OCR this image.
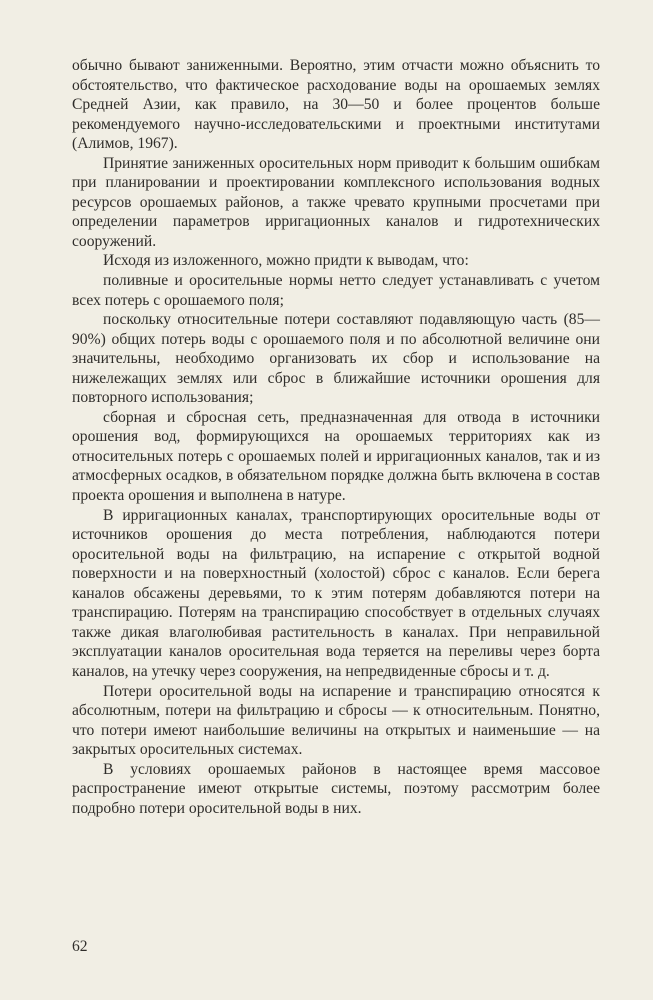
обычно бывают заниженными. Вероятно, этим отчасти можно объяснить то обстоятельство, что фактическое расходование воды на орошаемых землях Средней Азии, как правило, на 30—50 и более процентов больше рекомендуемого научно-исследовательскими и проектными институтами (Алимов, 1967).

Принятие заниженных оросительных норм приводит к большим ошибкам при планировании и проектировании комплексного использования водных ресурсов орошаемых районов, а также чревато крупными просчетами при определении параметров ирригационных каналов и гидротехнических сооружений.

Исходя из изложенного, можно придти к выводам, что:

поливные и оросительные нормы нетто следует устанавливать с учетом всех потерь с орошаемого поля;

поскольку относительные потери составляют подавляющую часть (85—90%) общих потерь воды с орошаемого поля и по абсолютной величине они значительны, необходимо организовать их сбор и использование на нижележащих землях или сброс в ближайшие источники орошения для повторного использования;

сборная и сбросная сеть, предназначенная для отвода в источники орошения вод, формирующихся на орошаемых территориях как из относительных потерь с орошаемых полей и ирригационных каналов, так и из атмосферных осадков, в обязательном порядке должна быть включена в состав проекта орошения и выполнена в натуре.

В ирригационных каналах, транспортирующих оросительные воды от источников орошения до места потребления, наблюдаются потери оросительной воды на фильтрацию, на испарение с открытой водной поверхности и на поверхностный (холостой) сброс с каналов. Если берега каналов обсажены деревьями, то к этим потерям добавляются потери на транспирацию. Потерям на транспирацию способствует в отдельных случаях также дикая влаголюбивая растительность в каналах. При неправильной эксплуатации каналов оросительная вода теряется на переливы через борта каналов, на утечку через сооружения, на непредвиденные сбросы и т. д.

Потери оросительной воды на испарение и транспирацию относятся к абсолютным, потери на фильтрацию и сбросы — к относительным. Понятно, что потери имеют наибольшие величины на открытых и наименьшие — на закрытых оросительных системах.

В условиях орошаемых районов в настоящее время массовое распространение имеют открытые системы, поэтому рассмотрим более подробно потери оросительной воды в них.

62
